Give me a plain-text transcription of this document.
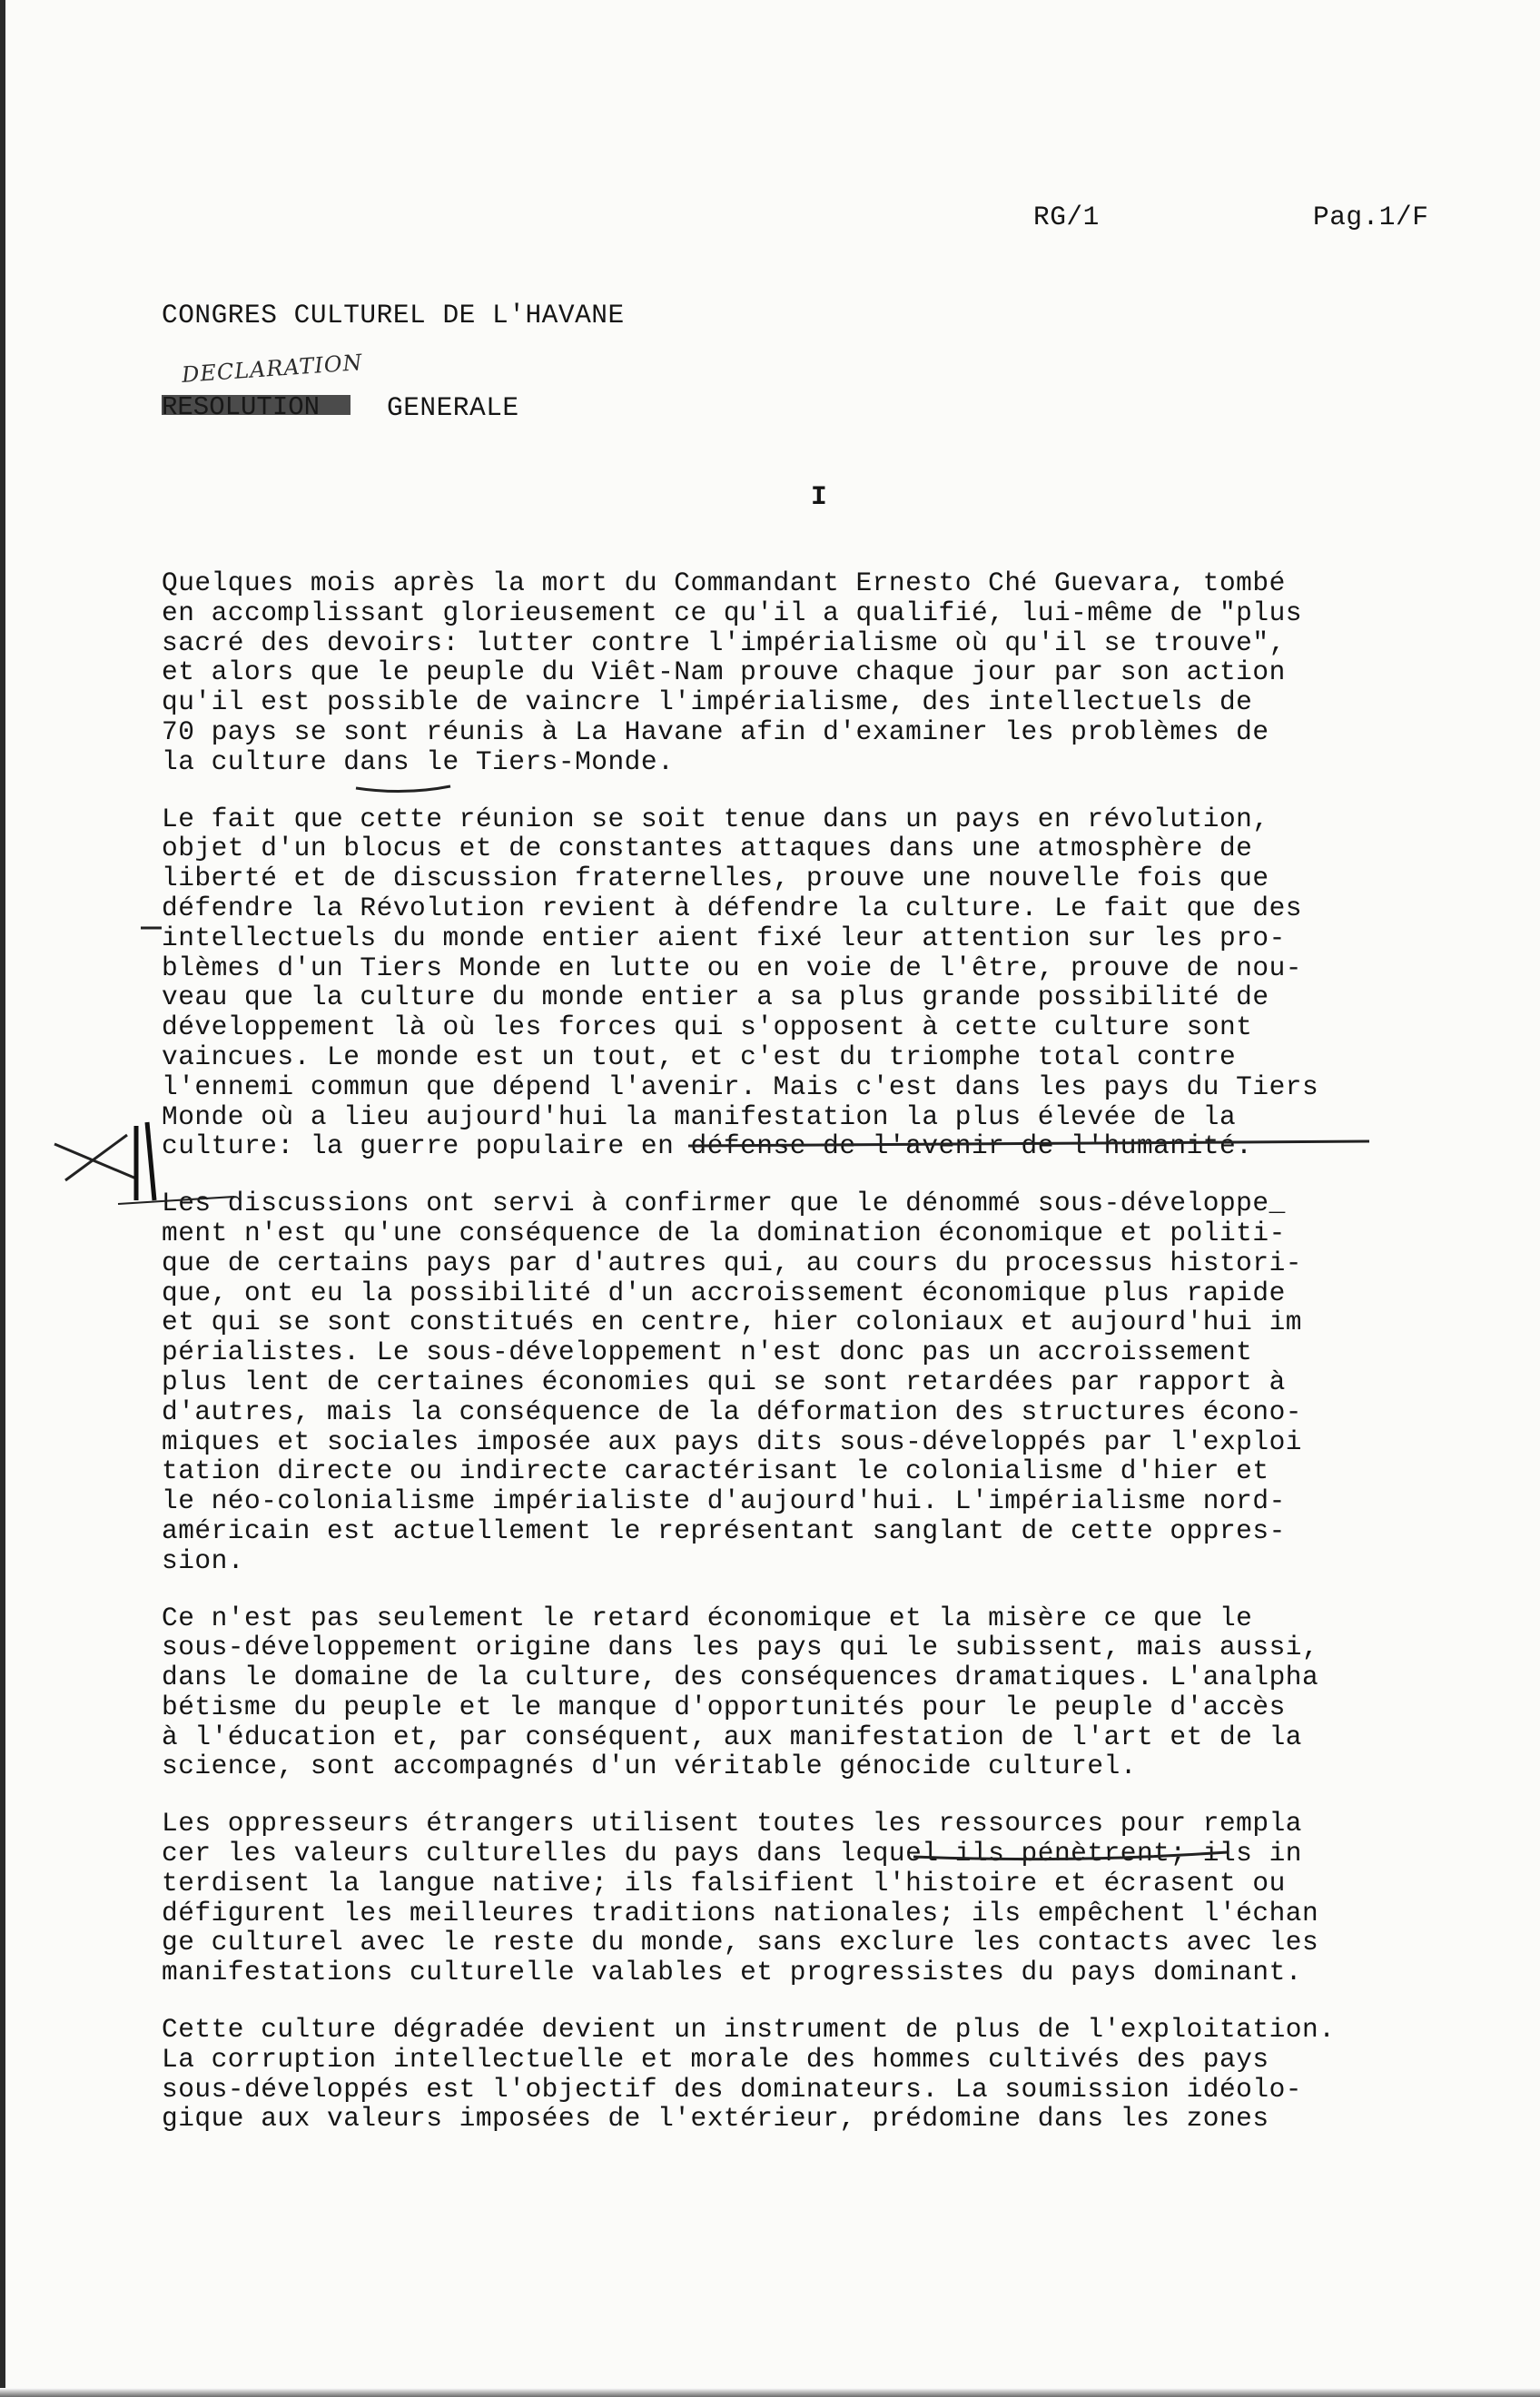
RG/1	Pag.1/F
CONGRES CULTUREL DE L'HAVANE
DECLARATION
GENERALE
I

Quelques mois après la mort du Commandant Ernesto Ché Guevara, tombé
en accomplissant glorieusement ce qu'il a qualifié, lui-même de "plus
sacré des devoirs: lutter contre l'impérialisme où qu'il se trouve",
et alors que le peuple du Viêt-Nam prouve chaque jour par son action
qu'il est possible de vaincre l'impérialisme, des intellectuels de
70 pays se sont réunis à La Havane afin d'examiner les problèmes de
la culture dans le Tiers-Monde.

Le fait que cette réunion se soit tenue dans un pays en révolution,
objet d'un blocus et de constantes attaques dans une atmosphère de
liberté et de discussion fraternelles, prouve une nouvelle fois que
défendre la Révolution revient à défendre la culture. Le fait que des
intellectuels du monde entier aient fixé leur attention sur les pro-
blèmes d'un Tiers Monde en lutte ou en voie de l'être, prouve de nou-
veau que la culture du monde entier a sa plus grande possibilité de
développement là où les forces qui s'opposent à cette culture sont
vaincues. Le monde est un tout, et c'est du triomphe total contre
l'ennemi commun que dépend l'avenir. Mais c'est dans les pays du Tiers
Monde où a lieu aujourd'hui la manifestation la plus élevée de la
culture: la guerre populaire en défense de l'avenir de l'humanité.

Les discussions ont servi à confirmer que le dénommé sous-développe_
ment n'est qu'une conséquence de la domination économique et politi-
que de certains pays par d'autres qui, au cours du processus histori-
que, ont eu la possibilité d'un accroissement économique plus rapide
et qui se sont constitués en centre, hier coloniaux et aujourd'hui im
périalistes. Le sous-développement n'est donc pas un accroissement
plus lent de certaines économies qui se sont retardées par rapport à
d'autres, mais la conséquence de la déformation des structures écono-
miques et sociales imposée aux pays dits sous-développés par l'exploi
tation directe ou indirecte caractérisant le colonialisme d'hier et
le néo-colonialisme impérialiste d'aujourd'hui. L'impérialisme nord-
américain est actuellement le représentant sanglant de cette oppres-
sion.

Ce n'est pas seulement le retard économique et la misère ce que le
sous-développement origine dans les pays qui le subissent, mais aussi,
dans le domaine de la culture, des conséquences dramatiques. L'analpha
bétisme du peuple et le manque d'opportunités pour le peuple d'accès
à l'éducation et, par conséquent, aux manifestation de l'art et de la
science, sont accompagnés d'un véritable génocide culturel.

Les oppresseurs étrangers utilisent toutes les ressources pour rempla
cer les valeurs culturelles du pays dans lequel ils pénètrent; ils in
terdisent la langue native; ils falsifient l'histoire et écrasent ou
défigurent les meilleures traditions nationales; ils empêchent l'échan
ge culturel avec le reste du monde, sans exclure les contacts avec les
manifestations culturelle valables et progressistes du pays dominant.

Cette culture dégradée devient un instrument de plus de l'exploitation.
La corruption intellectuelle et morale des hommes cultivés des pays
sous-développés est l'objectif des dominateurs. La soumission idéolo-
gique aux valeurs imposées de l'extérieur, prédomine dans les zones
